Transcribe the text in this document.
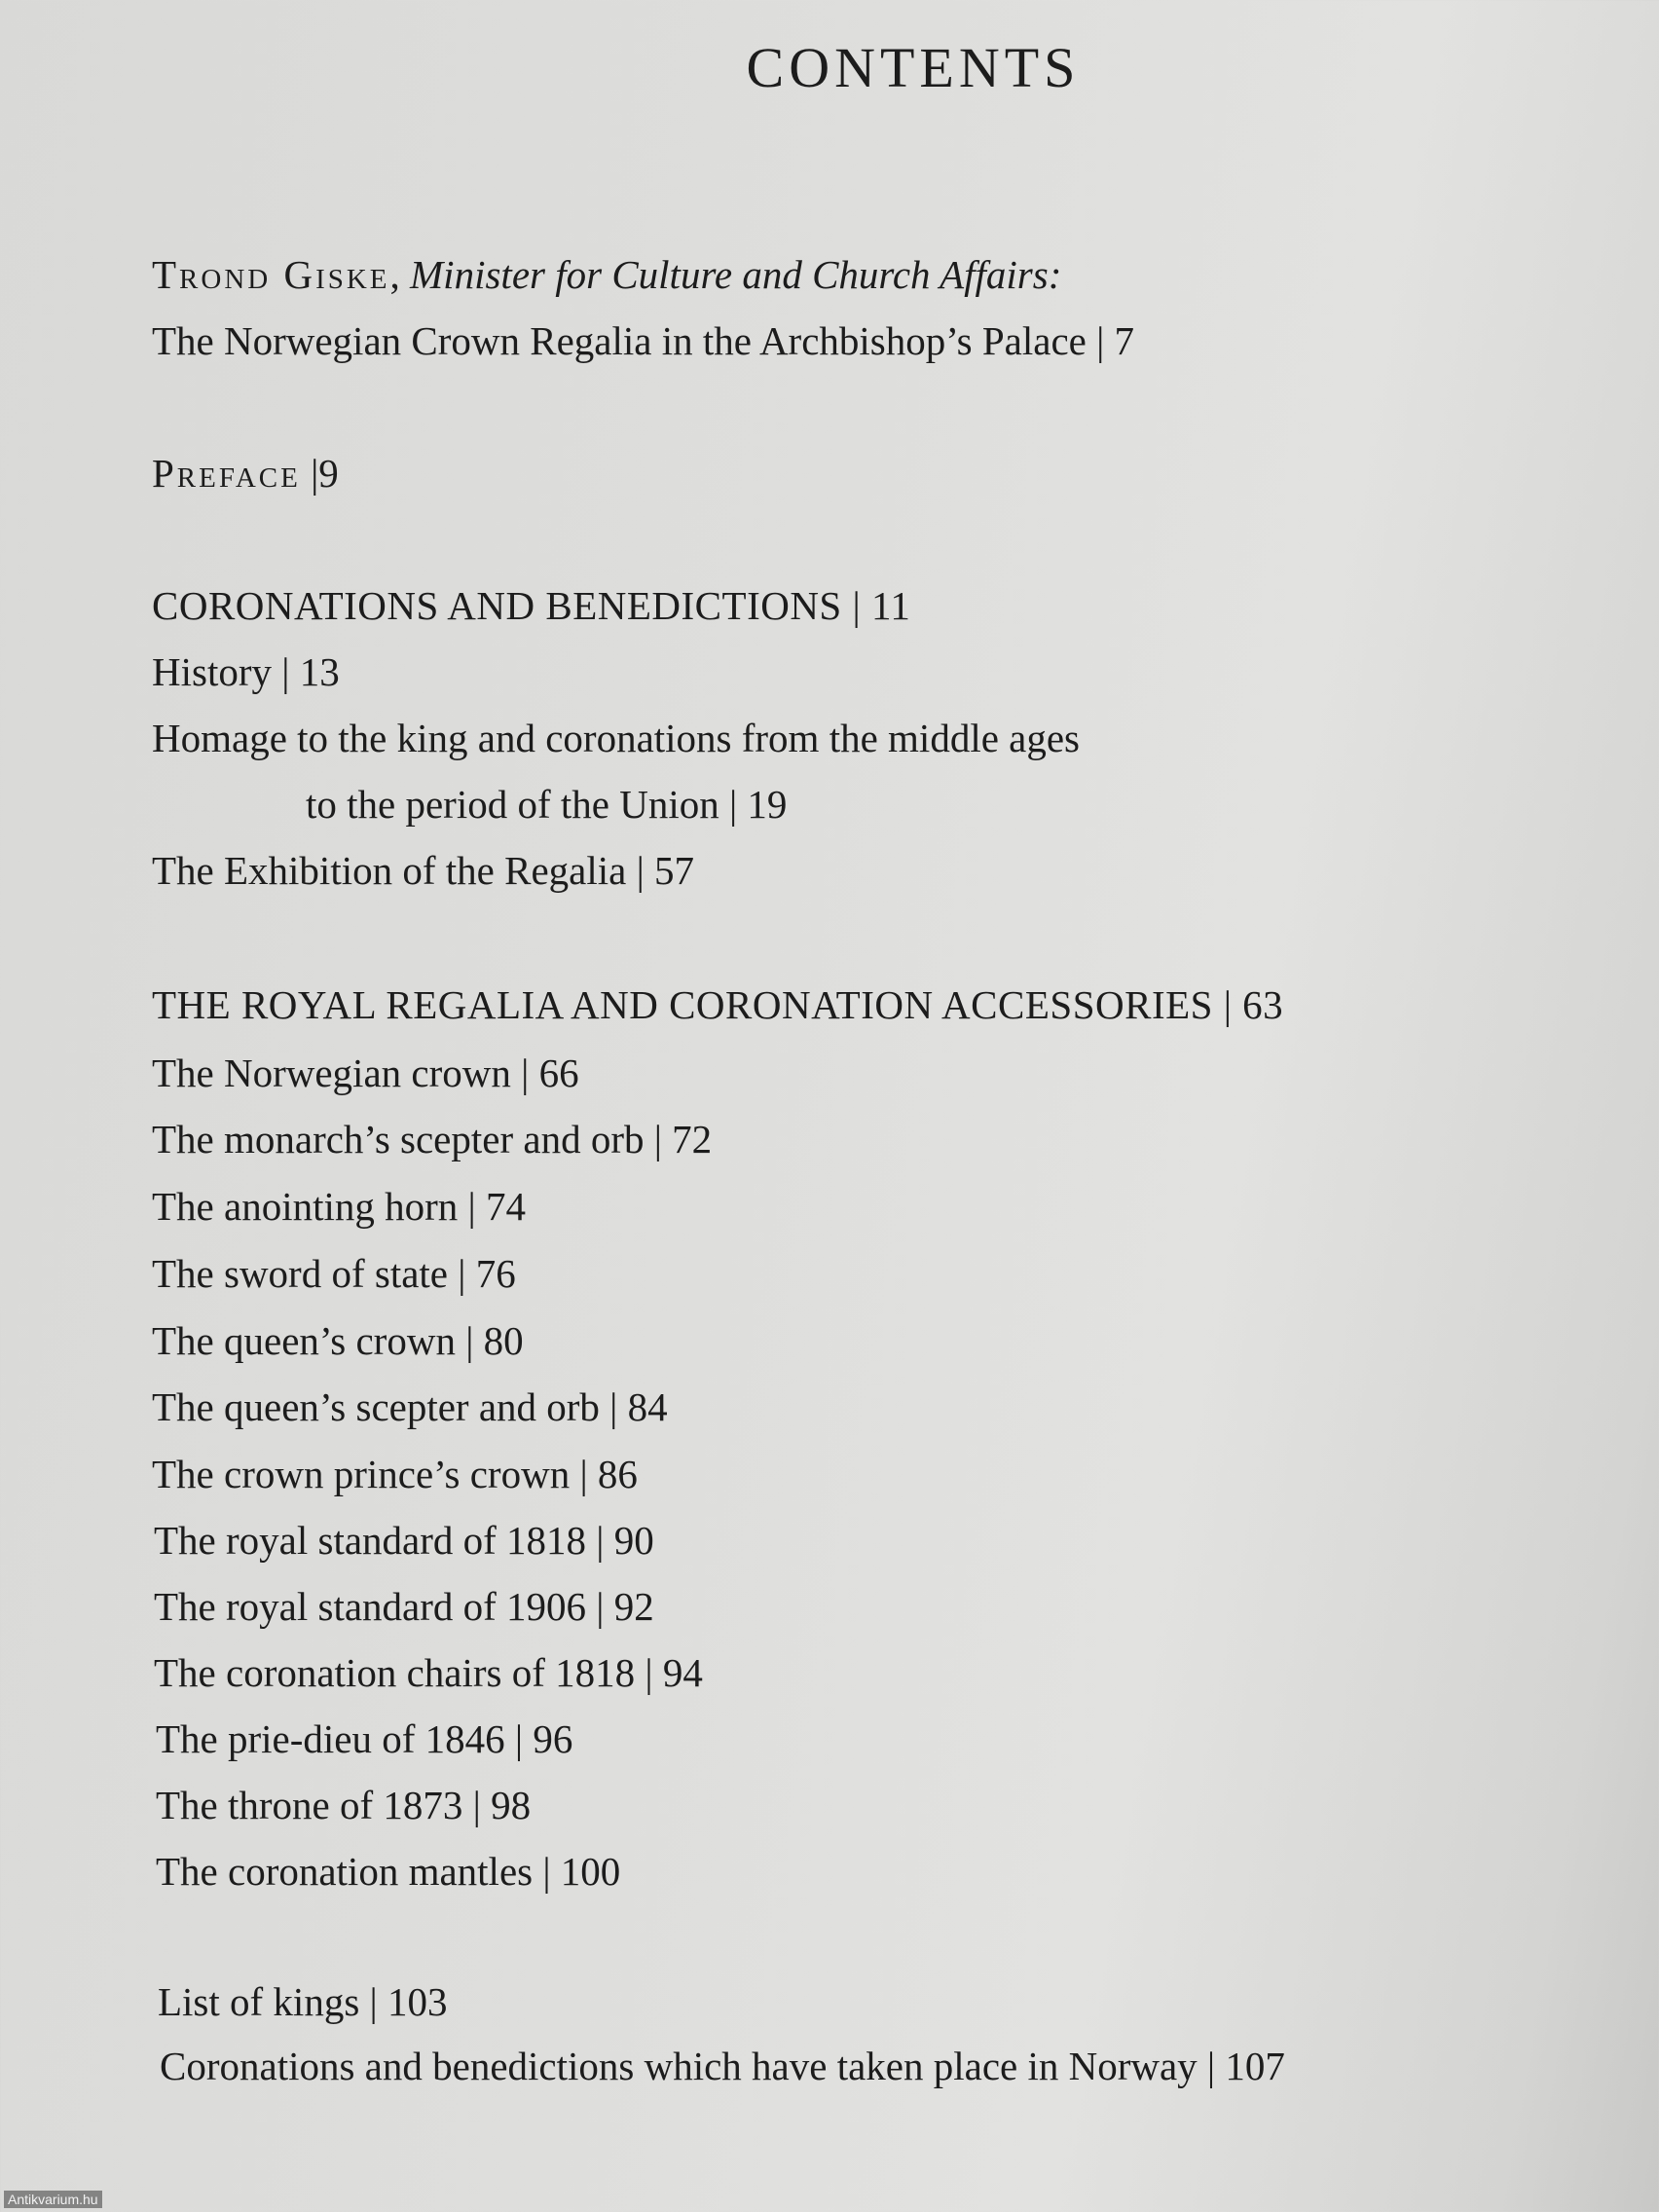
CONTENTS
Trond Giske, Minister for Culture and Church Affairs:
The Norwegian Crown Regalia in the Archbishop’s Palace | 7
Preface |9
CORONATIONS AND BENEDICTIONS | 11
History | 13
Homage to the king and coronations from the middle ages
to the period of the Union | 19
The Exhibition of the Regalia | 57
THE ROYAL REGALIA AND CORONATION ACCESSORIES | 63
The Norwegian crown | 66
The monarch’s scepter and orb | 72
The anointing horn | 74
The sword of state | 76
The queen’s crown | 80
The queen’s scepter and orb | 84
The crown prince’s crown | 86
The royal standard of 1818 | 90
The royal standard of 1906 | 92
The coronation chairs of 1818 | 94
The prie-dieu of 1846 | 96
The throne of 1873 | 98
The coronation mantles | 100
List of kings | 103
Coronations and benedictions which have taken place in Norway | 107
Antikvarium.hu
